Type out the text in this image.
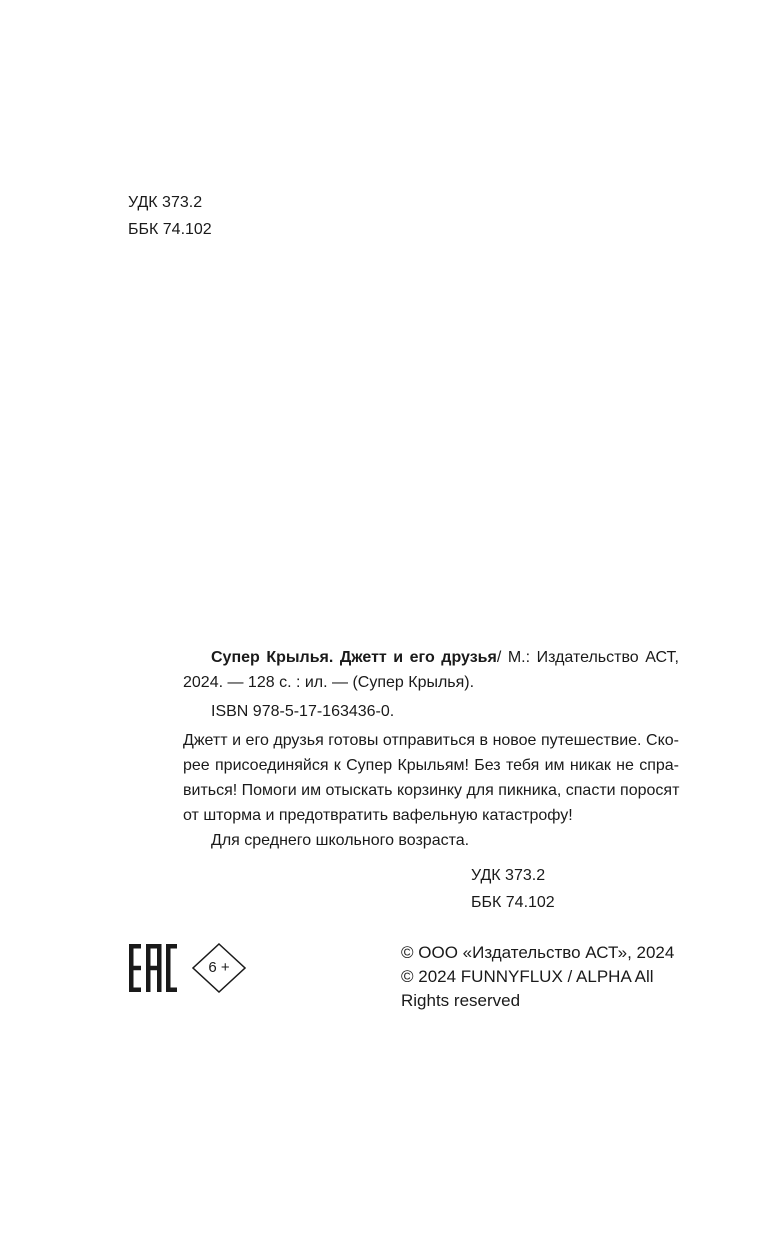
УДК 373.2
ББК 74.102
Супер Крылья. Джетт и его друзья/ М.: Издательство АСТ,
2024. — 128 с. : ил. — (Супер Крылья).
ISBN 978-5-17-163436-0.
Джетт и его друзья готовы отправиться в новое путешествие. Ско-
рее присоединяйся к Супер Крыльям! Без тебя им никак не спра-
виться! Помоги им отыскать корзинку для пикника, спасти поросят
от шторма и предотвратить вафельную катастрофу!
Для среднего школьного возраста.
УДК 373.2
ББК 74.102
6 +
© ООО «Издательство АСТ», 2024
© 2024 FUNNYFLUX / ALPHA All
Rights reserved
